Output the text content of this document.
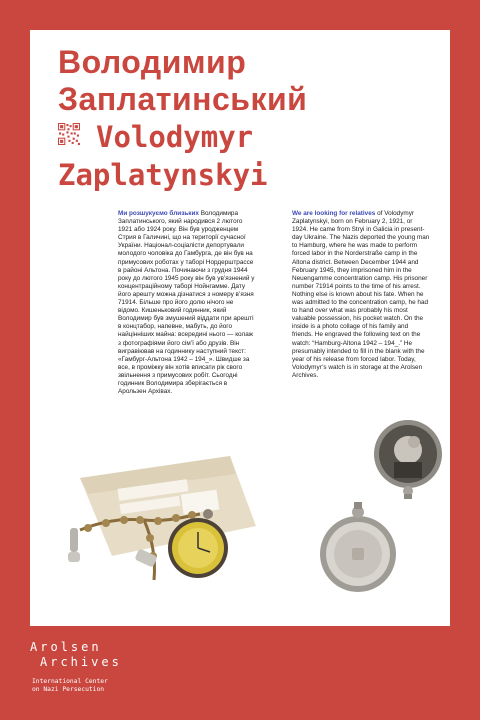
Володимир
Заплатинський
Volodymyr
Zaplatynskyi
Ми розшукуємо близьких Володимира Заплатинського, який народився 2 лютого 1921 або 1924 року. Він був уродженцем Стрия в Галичині, що на території сучасної України. Націонал-соціалісти депортували молодого чоловіка до Гамбурга, де він був на примусових роботах у таборі Нордерштрассе в районі Альтона. Починаючи з грудня 1944 року до лютого 1945 року він був ув’язнений у концентраційному таборі Нойнгамме. Дату його арешту можна дізнатися з номеру в’язня 71914. Більше про його долю нічого не відомо. Кишеньковий годинник, який Володимир був змушений віддати при арешті в концтабор, напевне, мабуть, до його найцінніших майна: всередині нього — колаж з фотографіями його сім’ї або друзів. Він вигравіював на годиннику наступний текст: «Гамбург-Альтона 1942 – 194_». Швидше за все, в проміжку він хотів вписати рік свого звільнення з примусових робіт. Сьогодні годинник Володимира зберігається в Арользен Архівах.
We are looking for relatives of Volodymyr Zaplatynskyi, born on February 2, 1921, or 1924. He came from Stryi in Galicia in present-day Ukraine. The Nazis deported the young man to Hamburg, where he was made to perform forced labor in the Norderstraße camp in the Altona district. Between December 1944 and February 1945, they imprisoned him in the Neuengamme concentration camp. His prisoner number 71914 points to the time of his arrest. Nothing else is known about his fate. When he was admitted to the concentration camp, he had to hand over what was probably his most valuable possession, his pocket watch. On the inside is a photo collage of his family and friends. He engraved the following text on the watch: “Hamburg-Altona 1942 – 194_.” He presumably intended to fill in the blank with the year of his release from forced labor. Today, Volodymyr’s watch is in storage at the Arolsen Archives.
Arolsen
Archives
International Center
on Nazi Persecution
